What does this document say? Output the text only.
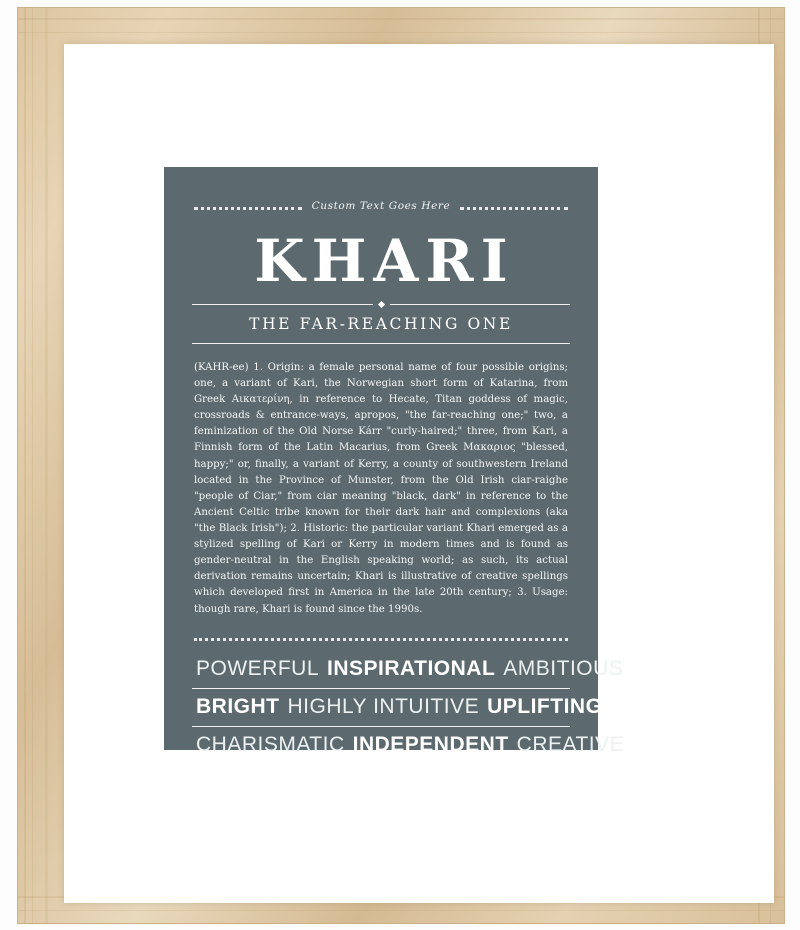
Custom Text Goes Here
KHARI
THE FAR-REACHING ONE
(KAHR-ee) 1. Origin: a female personal name of four possible origins; one, a variant of Kari, the Norwegian short form of Katarina, from Greek Αικατερίνη, in reference to Hecate, Titan goddess of magic, crossroads & entrance-ways, apropos, "the far-reaching one;" two, a feminization of the Old Norse Kárr "curly-haired;" three, from Kari, a Finnish form of the Latin Macarius, from Greek Μακαριος "blessed, happy;" or, finally, a variant of Kerry, a county of southwestern Ireland located in the Province of Munster, from the Old Irish ciar-raighe "people of Ciar," from ciar meaning "black, dark" in reference to the Ancient Celtic tribe known for their dark hair and complexions (aka "the Black Irish"); 2. Historic: the particular variant Khari emerged as a stylized spelling of Kari or Kerry in modern times and is found as gender-neutral in the English speaking world; as such, its actual derivation remains uncertain; Khari is illustrative of creative spellings which developed first in America in the late 20th century; 3. Usage: though rare, Khari is found since the 1990s.
POWERFUL INSPIRATIONAL AMBITIOUS
BRIGHT HIGHLY INTUITIVE UPLIFTING
CHARISMATIC INDEPENDENT CREATIVE
